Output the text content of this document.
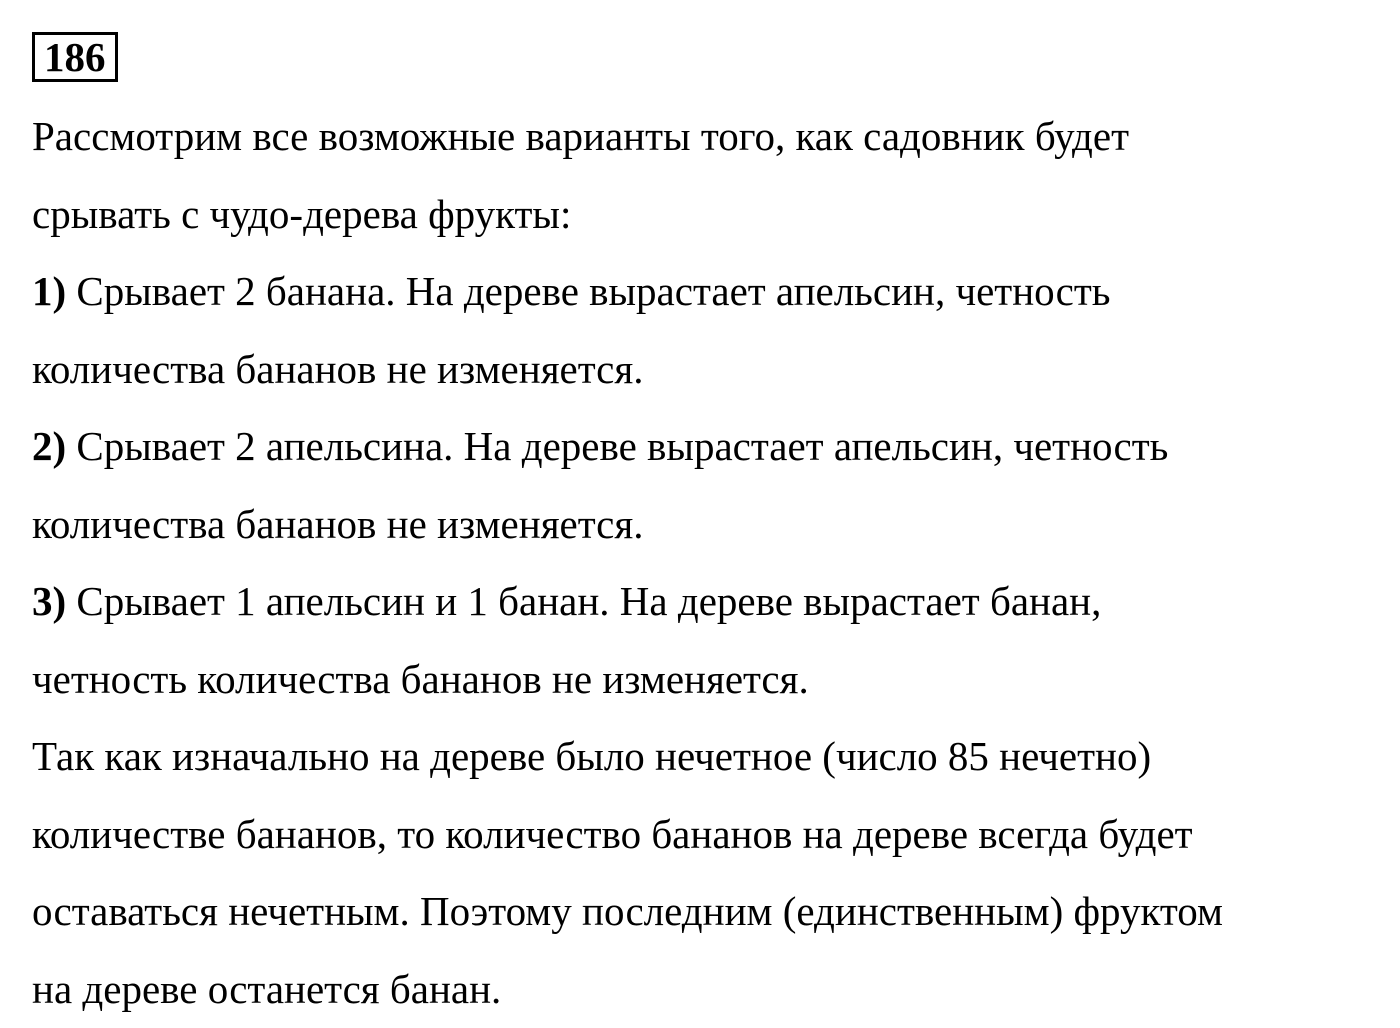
186
Рассмотрим все возможные варианты того, как садовник будет
срывать с чудо-дерева фрукты:
1) Срывает 2 банана. На дереве вырастает апельсин, четность
количества бананов не изменяется.
2) Срывает 2 апельсина. На дереве вырастает апельсин, четность
количества бананов не изменяется.
3) Срывает 1 апельсин и 1 банан. На дереве вырастает банан,
четность количества бананов не изменяется.
Так как изначально на дереве было нечетное (число 85 нечетно)
количестве бананов, то количество бананов на дереве всегда будет
оставаться нечетным. Поэтому последним (единственным) фруктом
на дереве останется банан.
